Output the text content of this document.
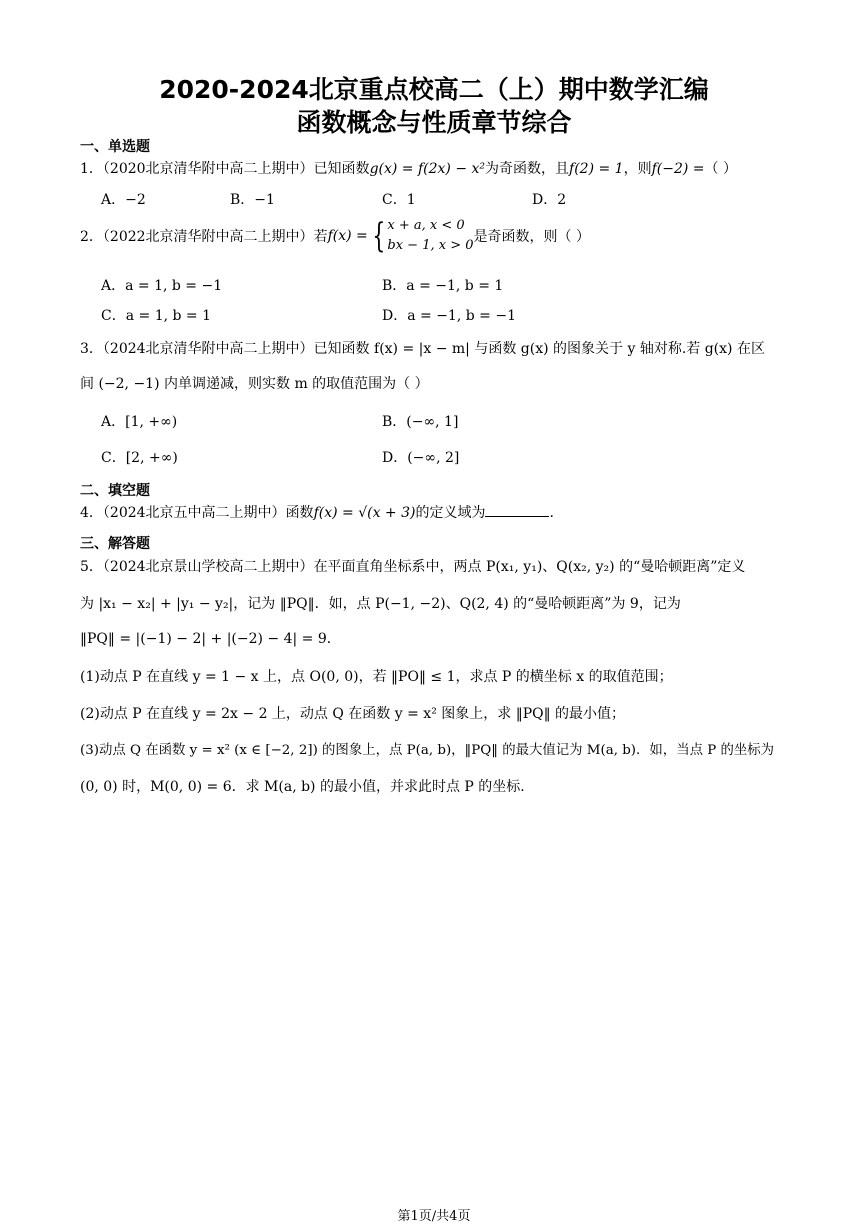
2020-2024北京重点校高二（上）期中数学汇编
函数概念与性质章节综合
一、单选题
1．（2020北京清华附中高二上期中）已知函数g(x) = f(2x) − x²为奇函数，且f(2) = 1，则f(−2) =（ ）
A．−2	B．−1	C．1	D．2
2．（2022北京清华附中高二上期中）若f(x) = { x + a, x < 0
bx − 1, x > 0是奇函数，则（ ）
A．a = 1, b = −1	B．a = −1, b = 1
C．a = 1, b = 1	D．a = −1, b = −1
3．（2024北京清华附中高二上期中）已知函数 f(x) = |x − m| 与函数 g(x) 的图象关于 y 轴对称.若 g(x) 在区
间 (−2, −1) 内单调递减，则实数 m 的取值范围为（ ）
A．[1, +∞)	B．(−∞, 1]
C．[2, +∞)	D．(−∞, 2]
二、填空题
4．（2024北京五中高二上期中）函数f(x) = √(x + 3)的定义域为	.
三、解答题
5．（2024北京景山学校高二上期中）在平面直角坐标系中，两点 P(x₁, y₁)、Q(x₂, y₂) 的“曼哈顿距离”定义
为 |x₁ − x₂| + |y₁ − y₂|，记为 ‖PQ‖．如，点 P(−1, −2)、Q(2, 4) 的“曼哈顿距离”为 9，记为
‖PQ‖ = |(−1) − 2| + |(−2) − 4| = 9．
(1)动点 P 在直线 y = 1 − x 上，点 O(0, 0)，若 ‖PO‖ ≤ 1，求点 P 的横坐标 x 的取值范围；
(2)动点 P 在直线 y = 2x − 2 上，动点 Q 在函数 y = x² 图象上，求 ‖PQ‖ 的最小值；
(3)动点 Q 在函数 y = x² (x ∈ [−2, 2]) 的图象上，点 P(a, b)，‖PQ‖ 的最大值记为 M(a, b)．如，当点 P 的坐标为
(0, 0) 时，M(0, 0) = 6．求 M(a, b) 的最小值，并求此时点 P 的坐标.
第1页/共4页
